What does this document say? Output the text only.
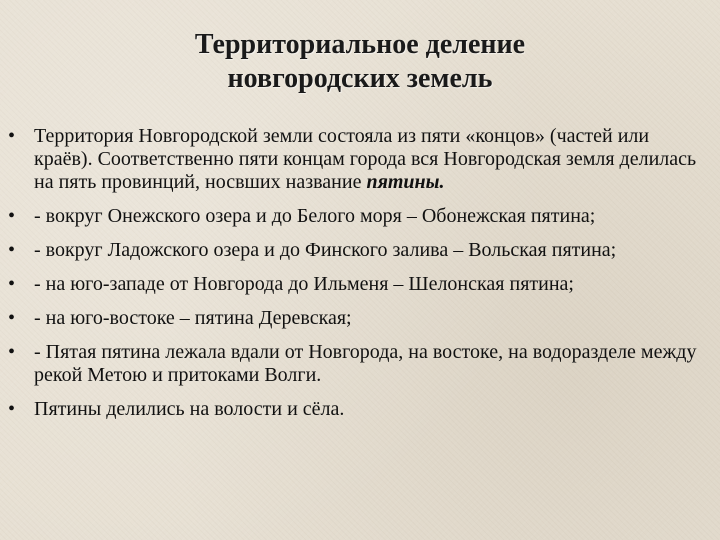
Территориальное деление
новгородских земель
• Территория Новгородской земли состояла из пяти «концов» (частей или краёв). Соответственно пяти концам города вся Новгородская земля делилась на пять провинций, носвших название пятины.
• - вокруг Онежского озера и до Белого моря – Обонежская пятина;
• - вокруг Ладожского озера и до Финского залива – Вольская пятина;
• - на юго-западе от Новгорода до Ильменя – Шелонская пятина;
• - на юго-востоке – пятина Деревская;
• - Пятая пятина лежала вдали от Новгорода, на востоке, на водоразделе между рекой Метою и притоками Волги.
• Пятины делились на волости и сёла.
